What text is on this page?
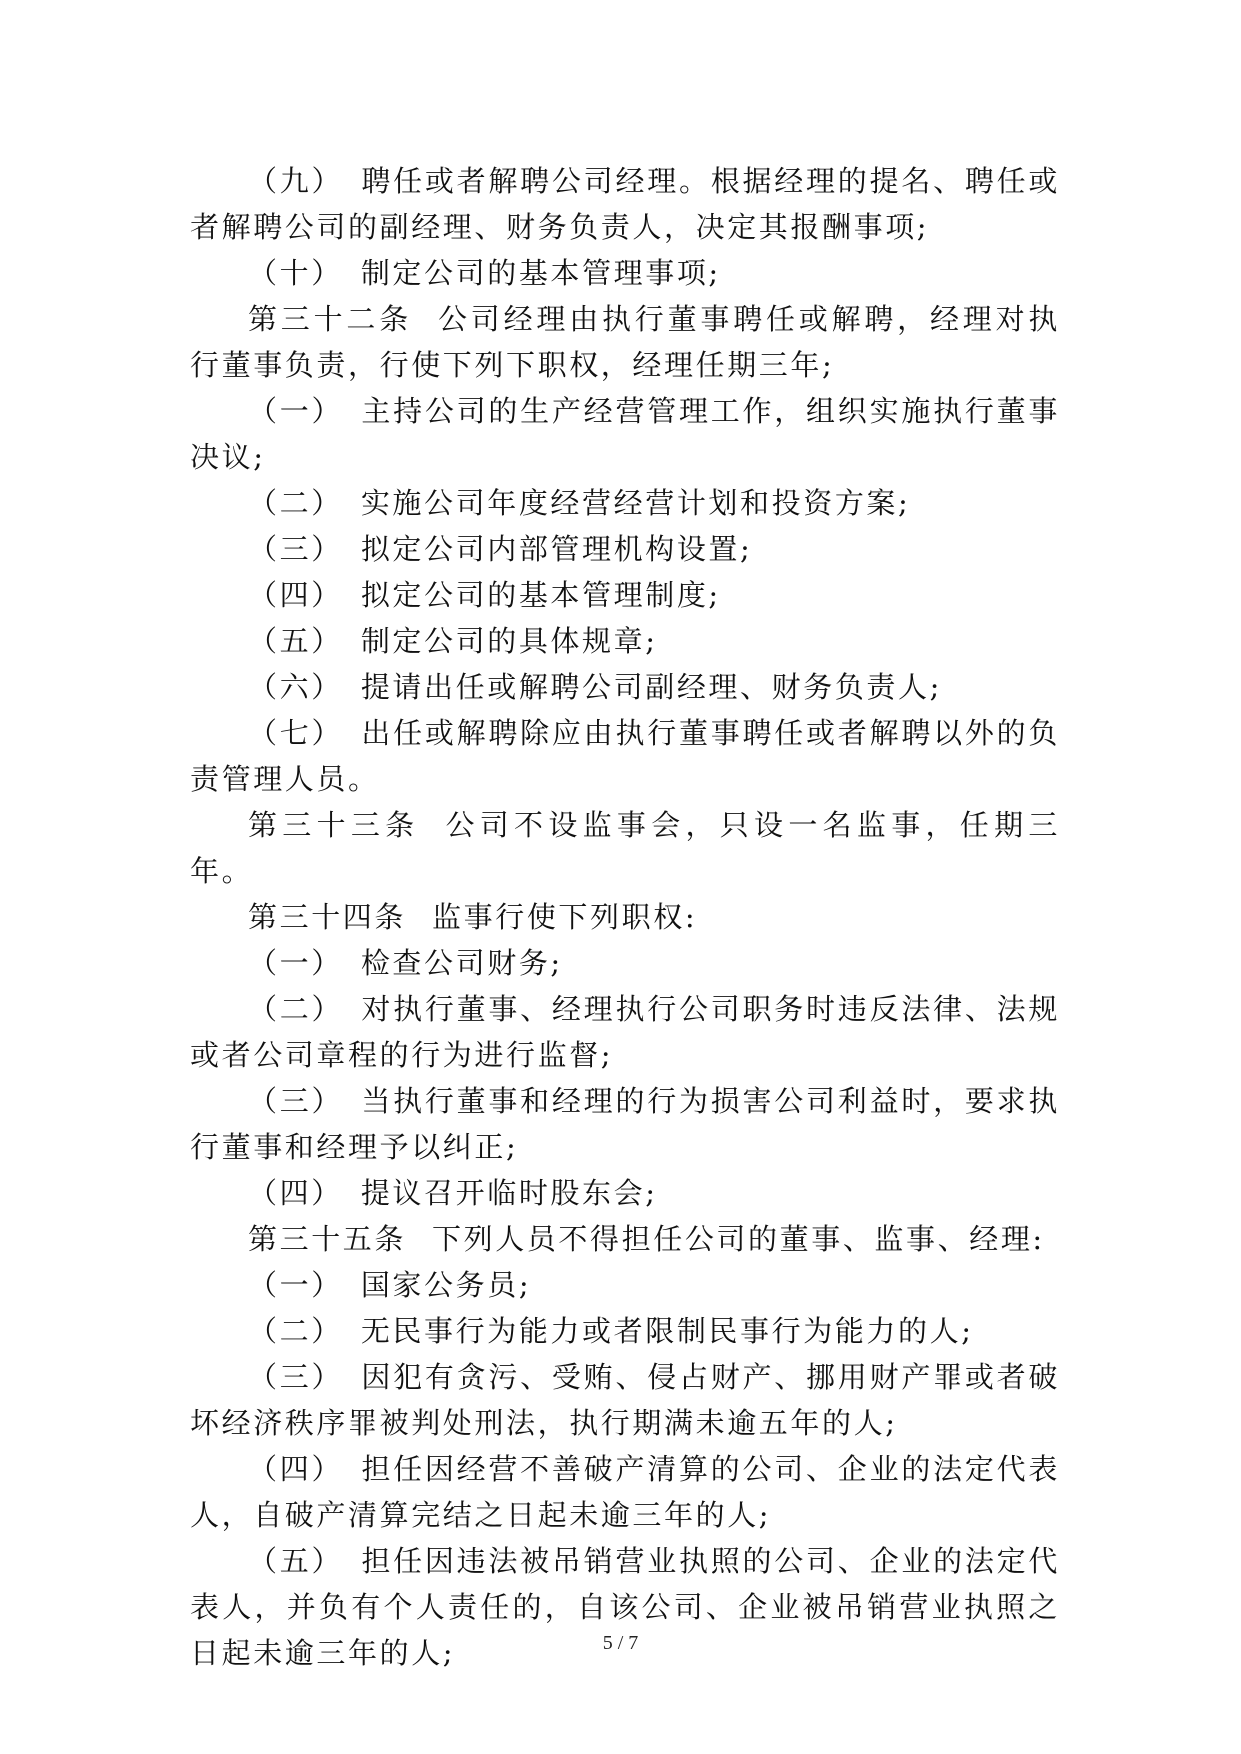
（九） 聘任或者解聘公司经理。根据经理的提名、聘任或者解聘公司的副经理、财务负责人，决定其报酬事项;

（十） 制定公司的基本管理事项;

第三十二条 公司经理由执行董事聘任或解聘，经理对执行董事负责，行使下列下职权，经理任期三年;

（一） 主持公司的生产经营管理工作，组织实施执行董事决议;

（二） 实施公司年度经营经营计划和投资方案;

（三） 拟定公司内部管理机构设置;

（四） 拟定公司的基本管理制度;

（五） 制定公司的具体规章;

（六） 提请出任或解聘公司副经理、财务负责人;

（七） 出任或解聘除应由执行董事聘任或者解聘以外的负责管理人员。

第三十三条 公司不设监事会，只设一名监事，任期三年。

第三十四条 监事行使下列职权:

（一） 检查公司财务;

（二） 对执行董事、经理执行公司职务时违反法律、法规或者公司章程的行为进行监督;

（三） 当执行董事和经理的行为损害公司利益时，要求执行董事和经理予以纠正;

（四） 提议召开临时股东会;

第三十五条 下列人员不得担任公司的董事、监事、经理:

（一） 国家公务员;

（二） 无民事行为能力或者限制民事行为能力的人;

（三） 因犯有贪污、受贿、侵占财产、挪用财产罪或者破坏经济秩序罪被判处刑法，执行期满未逾五年的人;

（四） 担任因经营不善破产清算的公司、企业的法定代表人，自破产清算完结之日起未逾三年的人;

（五） 担任因违法被吊销营业执照的公司、企业的法定代表人，并负有个人责任的，自该公司、企业被吊销营业执照之日起未逾三年的人;	5 / 7
